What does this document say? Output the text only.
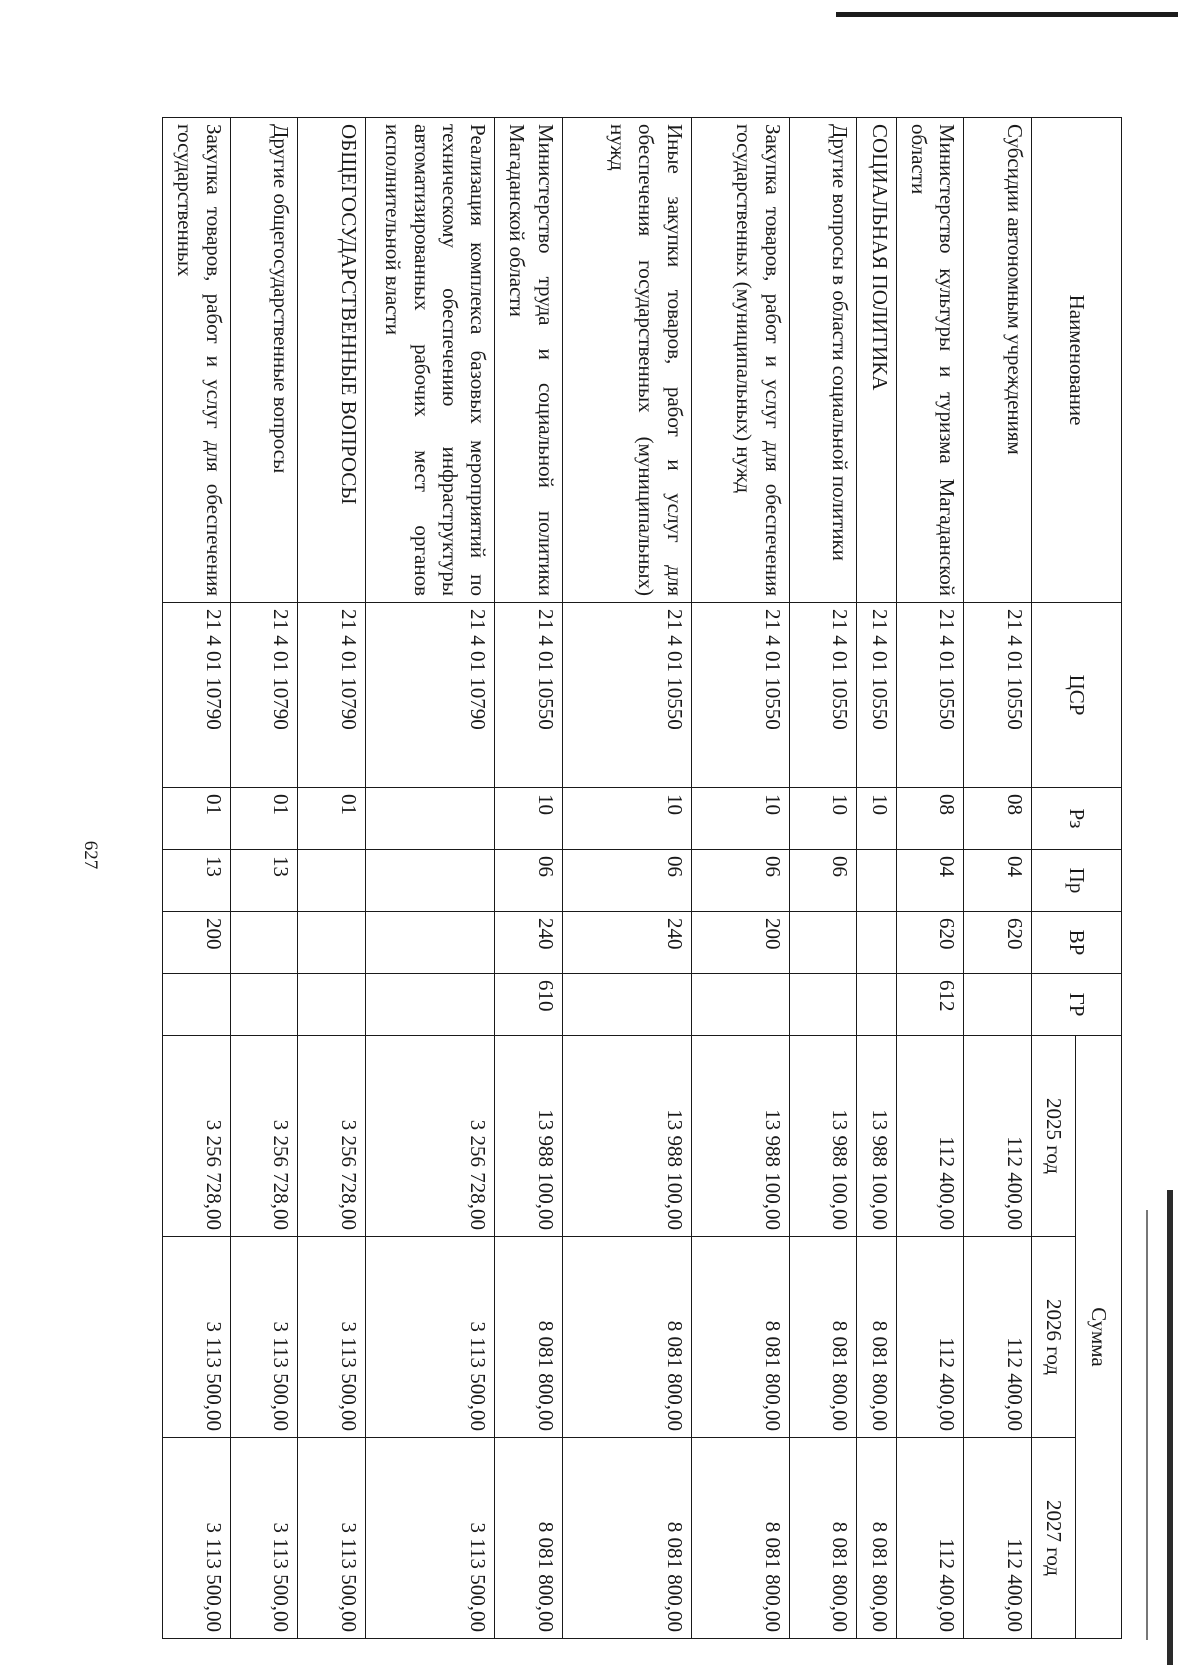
627
Наименование	ЦСР	Рз	Пр	ВР	ГР	Сумма		
						2025 год	2026 год	2027 год
Субсидии автономным учреждениям	21 4 01 10550	08	04	620		112 400,00	112 400,00	112 400,00
Министерство культуры и туризма Магаданской области	21 4 01 10550	08	04	620	612	112 400,00	112 400,00	112 400,00
СОЦИАЛЬНАЯ ПОЛИТИКА	21 4 01 10550	10				13 988 100,00	8 081 800,00	8 081 800,00
Другие вопросы в области социальной политики	21 4 01 10550	10	06			13 988 100,00	8 081 800,00	8 081 800,00
Закупка товаров, работ и услуг для обеспечения государственных (муниципальных) нужд	21 4 01 10550	10	06	200		13 988 100,00	8 081 800,00	8 081 800,00
Иные закупки товаров, работ и услуг для обеспечения государственных (муниципальных) нужд	21 4 01 10550	10	06	240		13 988 100,00	8 081 800,00	8 081 800,00
Министерство труда и социальной политики Магаданской области	21 4 01 10550	10	06	240	610	13 988 100,00	8 081 800,00	8 081 800,00
Реализация комплекса базовых мероприятий по техническому обеспечению инфраструктуры автоматизированных рабочих мест органов исполнительной власти	21 4 01 10790					3 256 728,00	3 113 500,00	3 113 500,00
ОБЩЕГОСУДАРСТВЕННЫЕ ВОПРОСЫ	21 4 01 10790	01				3 256 728,00	3 113 500,00	3 113 500,00
Другие общегосударственные вопросы	21 4 01 10790	01	13			3 256 728,00	3 113 500,00	3 113 500,00
Закупка товаров, работ и услуг для обеспечения государственных	21 4 01 10790	01	13	200		3 256 728,00	3 113 500,00	3 113 500,00
